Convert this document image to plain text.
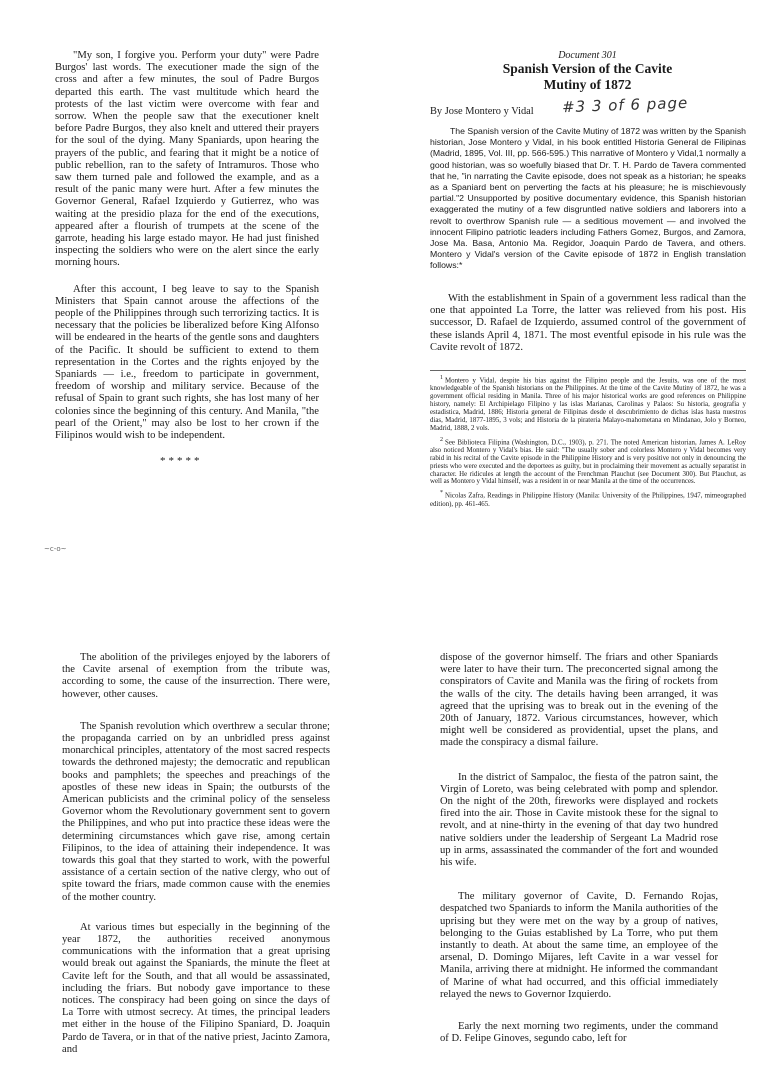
"My son, I forgive you. Perform your duty" were Padre Burgos' last words. The executioner made the sign of the cross and after a few minutes, the soul of Padre Burgos departed this earth. The vast multitude which heard the protests of the last victim were overcome with fear and sorrow. When the people saw that the executioner knelt before Padre Burgos, they also knelt and uttered their prayers for the soul of the dying. Many Spaniards, upon hearing the prayers of the public, and fearing that it might be a notice of public rebellion, ran to the safety of Intramuros. Those who saw them turned pale and followed the example, and as a result of the panic many were hurt. After a few minutes the Governor General, Rafael Izquierdo y Gutierrez, who was waiting at the presidio plaza for the end of the executions, appeared after a flourish of trumpets at the scene of the garrote, heading his large estado mayor. He had just finished inspecting the soldiers who were on the alert since the early morning hours.

After this account, I beg leave to say to the Spanish Ministers that Spain cannot arouse the affections of the people of the Philippines through such terrorizing tactics. It is necessary that the policies be liberalized before King Alfonso will be endeared in the hearts of the gentle sons and daughters of the Pacific. It should be sufficient to extend to them representation in the Cortes and the rights enjoyed by the Spaniards — i.e., freedom to participate in government, freedom of worship and military service. Because of the refusal of Spain to grant such rights, she has lost many of her colonies since the beginning of this century. And Manila, "the pearl of the Orient," may also be lost to her crown if the Filipinos would wish to be independent.

*****
~c-o~
Document 301
Spanish Version of the Cavite
Mutiny of 1872
By Jose Montero y Vidal #3 3 of 6 page

The Spanish version of the Cavite Mutiny of 1872 was written by the Spanish historian, Jose Montero y Vidal, in his book entitled Historia General de Filipinas (Madrid, 1895, Vol. III, pp. 566-595.) This narrative of Montero y Vidal,1 normally a good historian, was so woefully biased that Dr. T. H. Pardo de Tavera commented that he, "in narrating the Cavite episode, does not speak as a historian; he speaks as a Spaniard bent on perverting the facts at his pleasure; he is mischievously partial."2 Unsupported by positive documentary evidence, this Spanish historian exaggerated the mutiny of a few disgruntled native soldiers and laborers into a revolt to overthrow Spanish rule — a seditious movement — and involved the innocent Filipino patriotic leaders including Fathers Gomez, Burgos, and Zamora, Jose Ma. Basa, Antonio Ma. Regidor, Joaquin Pardo de Tavera, and others. Montero y Vidal's version of the Cavite episode of 1872 in English translation follows:*

With the establishment in Spain of a government less radical than the one that appointed La Torre, the latter was relieved from his post. His successor, D. Rafael de Izquierdo, assumed control of the government of these islands April 4, 1871. The most eventful episode in his rule was the Cavite revolt of 1872.

1 Montero y Vidal, despite his bias against the Filipino people and the Jesuits, was one of the most knowledgeable of the Spanish historians on the Philippines. At the time of the Cavite Mutiny of 1872, he was a government official residing in Manila. Three of his major historical works are good references on Philippine history, namely: El Archipielago Filipino y las islas Marianas, Carolinas y Palaos: Su historia, geografia y estadistica, Madrid, 1886; Historia general de Filipinas desde el descubrimiento de dichas islas hasta nuestros dias, Madrid, 1877-1895, 3 vols; and Historia de la pirateria Malayo-mahometana en Mindanao, Jolo y Borneo, Madrid, 1888, 2 vols.

2 See Biblioteca Filipina (Washington, D.C., 1903), p. 271. The noted American historian, James A. LeRoy also noticed Montero y Vidal's bias. He said: "The usually sober and colorless Montero y Vidal becomes very rabid in his recital of the Cavite episode in the Philippine History and is very positive not only in denouncing the priests who were executed and the deportees as guilty, but in proclaiming their movement as actually separatist in character. He ridicules at length the account of the Frenchman Plauchut (see Document 300). But Plauchut, as well as Montero y Vidal himself, was a resident in or near Manila at the time of the occurrences.

* Nicolas Zafra, Readings in Philippine History (Manila: University of the Philippines, 1947, mimeographed edition), pp. 461-465.

The abolition of the privileges enjoyed by the laborers of the Cavite arsenal of exemption from the tribute was, according to some, the cause of the insurrection. There were, however, other causes.

The Spanish revolution which overthrew a secular throne; the propaganda carried on by an unbridled press against monarchical principles, attentatory of the most sacred respects towards the dethroned majesty; the democratic and republican books and pamphlets; the speeches and preachings of the apostles of these new ideas in Spain; the outbursts of the American publicists and the criminal policy of the senseless Governor whom the Revolutionary government sent to govern the Philippines, and who put into practice these ideas were the determining circumstances which gave rise, among certain Filipinos, to the idea of attaining their independence. It was towards this goal that they started to work, with the powerful assistance of a certain section of the native clergy, who out of spite toward the friars, made common cause with the enemies of the mother country.

At various times but especially in the beginning of the year 1872, the authorities received anonymous communications with the information that a great uprising would break out against the Spaniards, the minute the fleet at Cavite left for the South, and that all would be assassinated, including the friars. But nobody gave importance to these notices. The conspiracy had been going on since the days of La Torre with utmost secrecy. At times, the principal leaders met either in the house of the Filipino Spaniard, D. Joaquin Pardo de Tavera, or in that of the native priest, Jacinto Zamora, and

dispose of the governor himself. The friars and other Spaniards were later to have their turn. The preconcerted signal among the conspirators of Cavite and Manila was the firing of rockets from the walls of the city. The details having been arranged, it was agreed that the uprising was to break out in the evening of the 20th of January, 1872. Various circumstances, however, which might well be considered as providential, upset the plans, and made the conspiracy a dismal failure.

In the district of Sampaloc, the fiesta of the patron saint, the Virgin of Loreto, was being celebrated with pomp and splendor. On the night of the 20th, fireworks were displayed and rockets fired into the air. Those in Cavite mistook these for the signal to revolt, and at nine-thirty in the evening of that day two hundred native soldiers under the leadership of Sergeant La Madrid rose up in arms, assassinated the commander of the fort and wounded his wife.

The military governor of Cavite, D. Fernando Rojas, despatched two Spaniards to inform the Manila authorities of the uprising but they were met on the way by a group of natives, belonging to the Guias established by La Torre, who put them instantly to death. At about the same time, an employee of the arsenal, D. Domingo Mijares, left Cavite in a war vessel for Manila, arriving there at midnight. He informed the commandant of Marine of what had occurred, and this official immediately relayed the news to Governor Izquierdo.

Early the next morning two regiments, under the command of D. Felipe Ginoves, segundo cabo, left for
